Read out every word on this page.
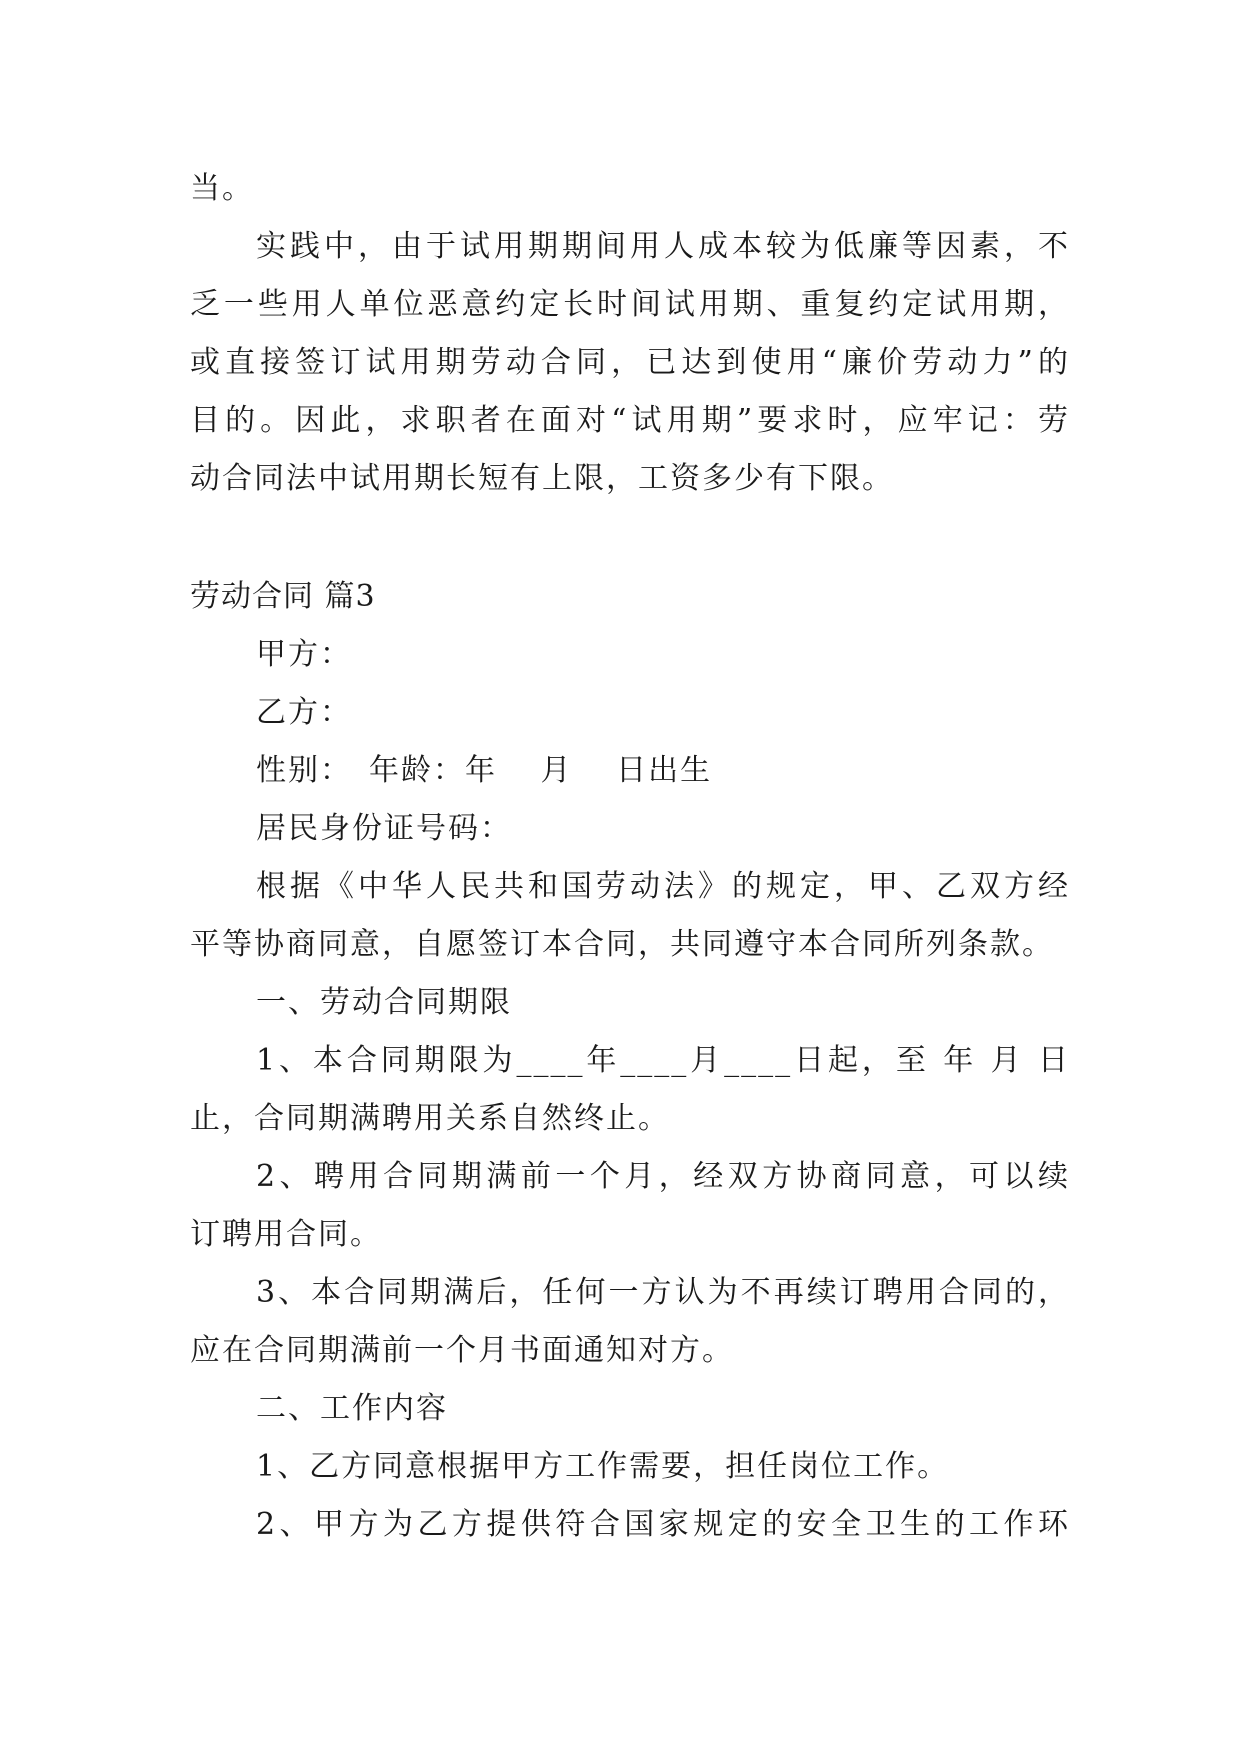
当。
实践中，由于试用期期间用人成本较为低廉等因素，不
乏一些用人单位恶意约定长时间试用期、重复约定试用期，
或直接签订试用期劳动合同，已达到使用“廉价劳动力”的
目的。因此，求职者在面对“试用期”要求时，应牢记：劳
动合同法中试用期长短有上限，工资多少有下限。
劳动合同 篇3
甲方：
乙方：
性别：　年龄：年　 月　 日出生
居民身份证号码：
根据《中华人民共和国劳动法》的规定，甲、乙双方经
平等协商同意，自愿签订本合同，共同遵守本合同所列条款。
一、劳动合同期限
1、本合同期限为____年____月____日起，至 年 月 日
止，合同期满聘用关系自然终止。
2、聘用合同期满前一个月，经双方协商同意，可以续
订聘用合同。
3、本合同期满后，任何一方认为不再续订聘用合同的，
应在合同期满前一个月书面通知对方。
二、工作内容
1、乙方同意根据甲方工作需要，担任岗位工作。
2、甲方为乙方提供符合国家规定的安全卫生的工作环
